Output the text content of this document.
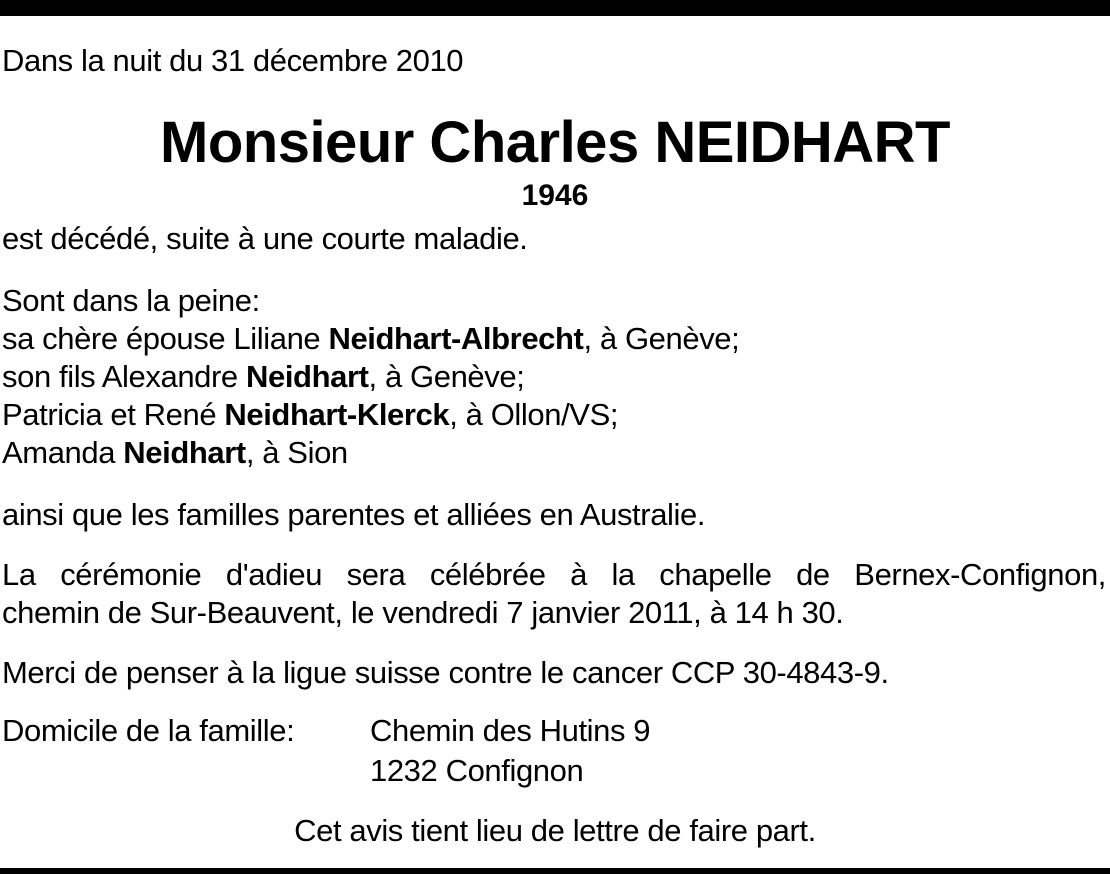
Dans la nuit du 31 décembre 2010
Monsieur Charles NEIDHART
1946
est décédé, suite à une courte maladie.
Sont dans la peine:
sa chère épouse Liliane Neidhart-Albrecht, à Genève;
son fils Alexandre Neidhart, à Genève;
Patricia et René Neidhart-Klerck, à Ollon/VS;
Amanda Neidhart, à Sion
ainsi que les familles parentes et alliées en Australie.
La cérémonie d'adieu sera célébrée à la chapelle de Bernex-Confignon,
chemin de Sur-Beauvent, le vendredi 7 janvier 2011, à 14 h 30.
Merci de penser à la ligue suisse contre le cancer CCP 30-4843-9.
Domicile de la famille: Chemin des Hutins 9
1232 Confignon
Cet avis tient lieu de lettre de faire part.
